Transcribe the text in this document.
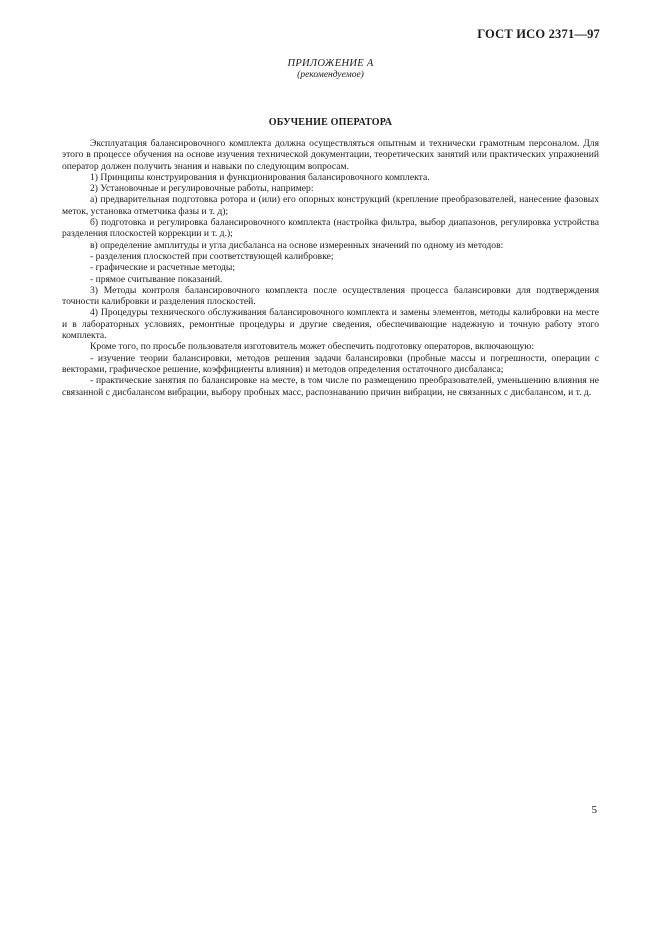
ГОСТ ИСО 2371—97
ПРИЛОЖЕНИЕ А
(рекомендуемое)
ОБУЧЕНИЕ ОПЕРАТОРА

Эксплуатация балансировочного комплекта должна осуществляться опытным и технически грамотным персоналом. Для этого в процессе обучения на основе изучения технической документации, теоретических занятий или практических упражнений оператор должен получить знания и навыки по следующим вопросам.

1) Принципы конструирования и функционирования балансировочного комплекта.

2) Установочные и регулировочные работы, например:

а) предварительная подготовка ротора и (или) его опорных конструкций (крепление преобразователей, нанесение фазовых меток, установка отметчика фазы и т. д);

б) подготовка и регулировка балансировочного комплекта (настройка фильтра, выбор диапазонов, регулировка устройства разделения плоскостей коррекции и т. д.);

в) определение амплитуды и угла дисбаланса на основе измеренных значений по одному из методов:

- разделения плоскостей при соответствующей калибровке;

- графические и расчетные методы;

- прямое считывание показаний.

3) Методы контроля балансировочного комплекта после осуществления процесса балансировки для подтверждения точности калибровки и разделения плоскостей.

4) Процедуры технического обслуживания балансировочного комплекта и замены элементов, методы калибровки на месте и в лабораторных условиях, ремонтные процедуры и другие сведения, обеспечивающие надежную и точную работу этого комплекта.

Кроме того, по просьбе пользователя изготовитель может обеспечить подготовку операторов, включающую:

- изучение теории балансировки, методов решения задачи балансировки (пробные массы и погрешности, операции с векторами, графическое решение, коэффициенты влияния) и методов определения остаточного дисбаланса;

- практические занятия по балансировке на месте, в том числе по размещению преобразователей, уменьшению влияния не связанной с дисбалансом вибрации, выбору пробных масс, распознаванию причин вибрации, не связанных с дисбалансом, и т. д.

5
